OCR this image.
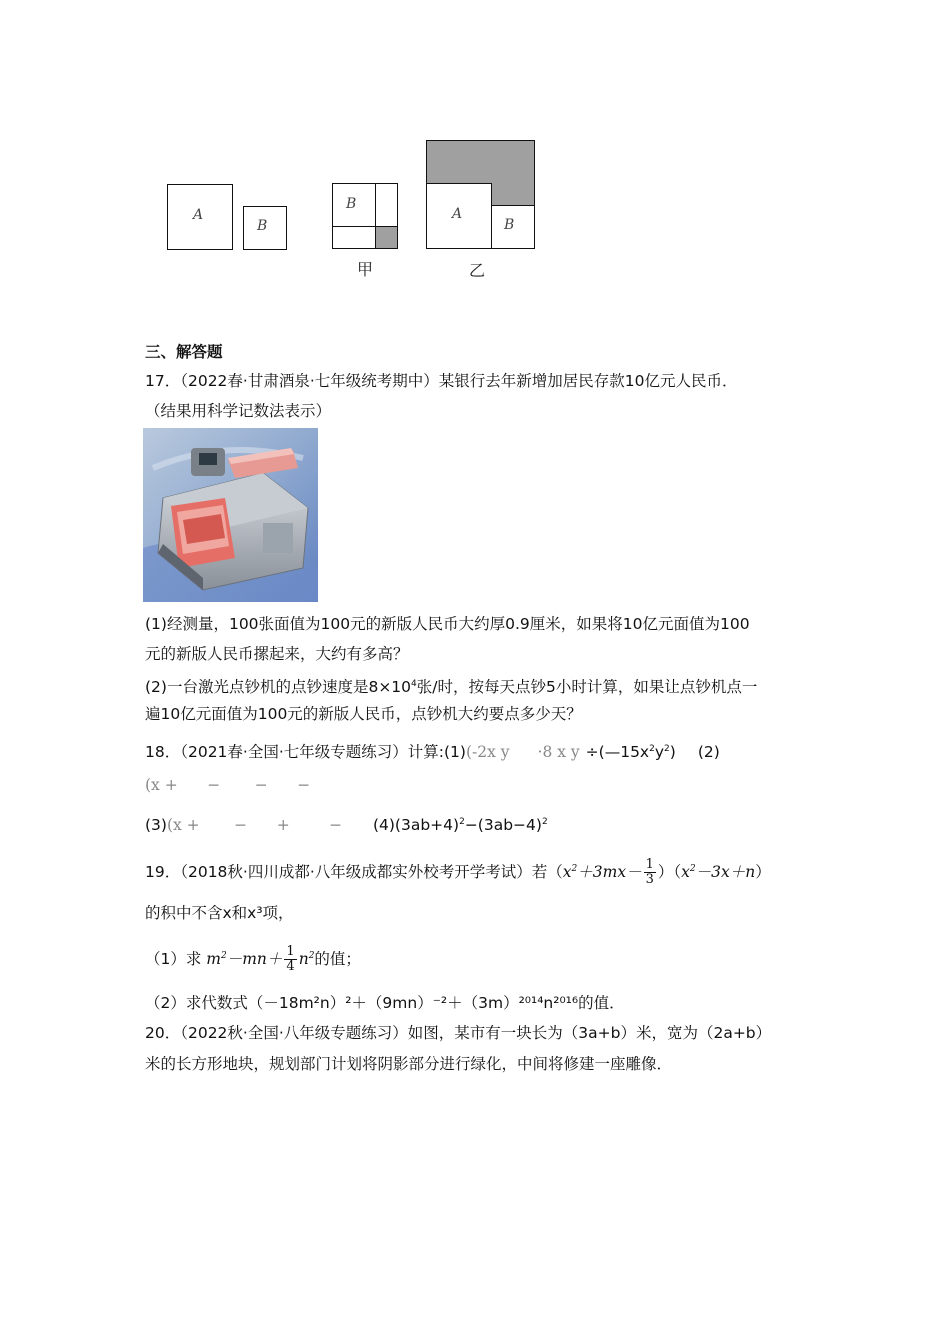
A
B
B
甲
A
B
乙
三、解答题
17．（2022春·甘肃酒泉·七年级统考期中）某银行去年新增加居民存款10亿元人民币．
（结果用科学记数法表示）
(1)经测量，100张面值为100元的新版人民币大约厚0.9厘米，如果将10亿元面值为100
元的新版人民币摞起来，大约有多高？
(2)一台激光点钞机的点钞速度是$8\times 10^4$张/时，按每天点钞5小时计算，如果让点钞机点一
遍10亿元面值为100元的新版人民币，点钞机大约要点多少天？
18．（2021春·全国·七年级专题练习）计算:(1)(-2x y ·8 x $y \div(—15x^2y^2)$ (2)
(x +      −       −      −
(3)(x +       −      +        − $(4)(3ab+4)^2-(3ab-4)^2$
19．（2018秋·四川成都·八年级成都实外校考开学考试）若$(x^2+3mx- \frac{1}{3} )(x^2-3x+n)$
的积中不含x和x³项，
（1）求 $m^2-mn+ \frac{1}{4} n^2$的值；
（2）求代数式（－18m²n）²＋（9mn）⁻²＋（3m）²⁰¹⁴n²⁰¹⁶的值．
20．（2022秋·全国·八年级专题练习）如图，某市有一块长为（3a+b）米，宽为（2a+b）
米的长方形地块，规划部门计划将阴影部分进行绿化，中间将修建一座雕像．
